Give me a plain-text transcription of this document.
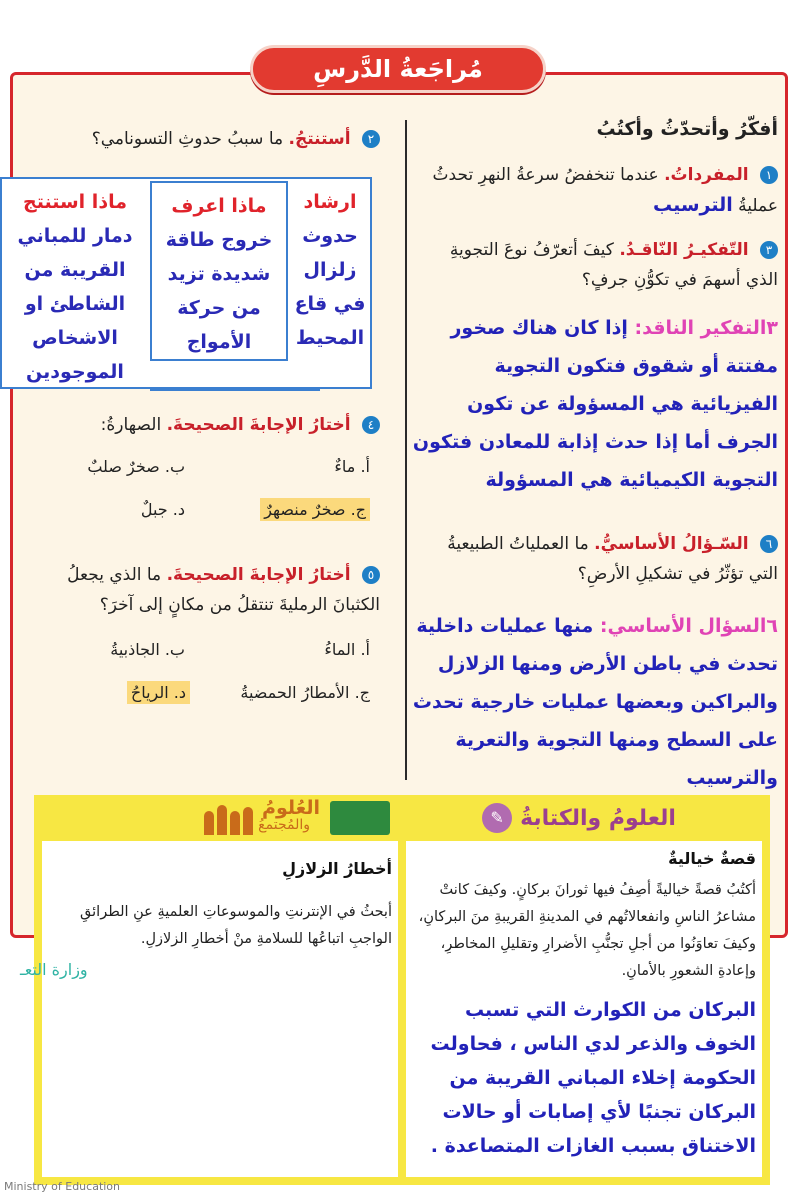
مُراجَعةُ الدَّرسِ
أفكّرُ وأتحدّثُ وأكتُبُ
١ المفرداتُ. عندما تنخفضُ سرعةُ النهرِ تحدثُ
عمليةُ الترسيب
٣ التّفكيـرُ النّاقـدُ. كيفَ أتعرّفُ نوعَ التجويةِ
الذي أسهمَ في تكوُّنِ جرفٍ؟
٣التفكير الناقد: إذا كان هناك صخور مفتتة أو شقوق فتكون التجوية الفيزيائية هي المسؤولة عن تكون الجرف أما إذا حدث إذابة للمعادن فتكون التجوية الكيميائية هي المسؤولة
٦ السّـؤالُ الأساسيُّ. ما العملياتُ الطبيعيةُ
التي تؤثّرُ في تشكيلِ الأرضِ؟
٦السؤال الأساسي: منها عمليات داخلية تحدث في باطن الأرض ومنها الزلازل والبراكين وبعضها عمليات خارجية تحدث على السطح ومنها التجوية والتعرية والترسيب
٢ أستنتجُ. ما سببُ حدوثِ التسونامي؟
ارشاد
حدوث زلزال في قاع المحيط
ماذا اعرف
خروج طاقة شديدة تزيد من حركة الأمواج
ماذا استنتج
دمار للمباني القريبة من الشاطئ او الاشخاص الموجودين
٤ أختارُ الإجابةَ الصحيحةَ. الصهارةُ:
أ. ماءٌ
ب. صخرٌ صلبٌ
ج. صخرٌ منصهرٌ
د. جبلٌ
٥ أختارُ الإجابةَ الصحيحةَ. ما الذي يجعلُ
الكثبانَ الرمليةَ تنتقلُ من مكانٍ إلى آخرَ؟
أ. الماءُ
ب. الجاذبيةُ
ج. الأمطارُ الحمضيةُ
د. الرياحُ
العلومُ والكتابةُ
✎
قصةٌ خياليةٌ
أكتُبُ قصةً خياليةً أصِفُ فيها ثورانَ بركانٍ. وكيفَ كانتْ مشاعرُ الناسِ وانفعالاتُهم في المدينةِ القريبةِ منَ البركانِ، وكيفَ تعاوَنُوا من أجلِ تجنُّبِ الأضرارِ وتقليلِ المخاطرِ، وإعادةِ الشعورِ بالأمانِ.
البركان من الكوارث التي تسبب الخوف والذعر لدي الناس ، فحاولت الحكومة إخلاء المباني القريبة من البركان تجنبًا لأي إصابات أو حالات الاختناق بسبب الغازات المتصاعدة .
العُلومُ
والمُجتمعُ
أخطارُ الزلازلِ
أبحثُ في الإنترنتِ والموسوعاتِ العلميةِ عنِ الطرائقِ الواجبِ اتباعُها للسلامةِ منْ أخطارِ الزلازلِ.
وزارة التعـ
Ministry of Education
